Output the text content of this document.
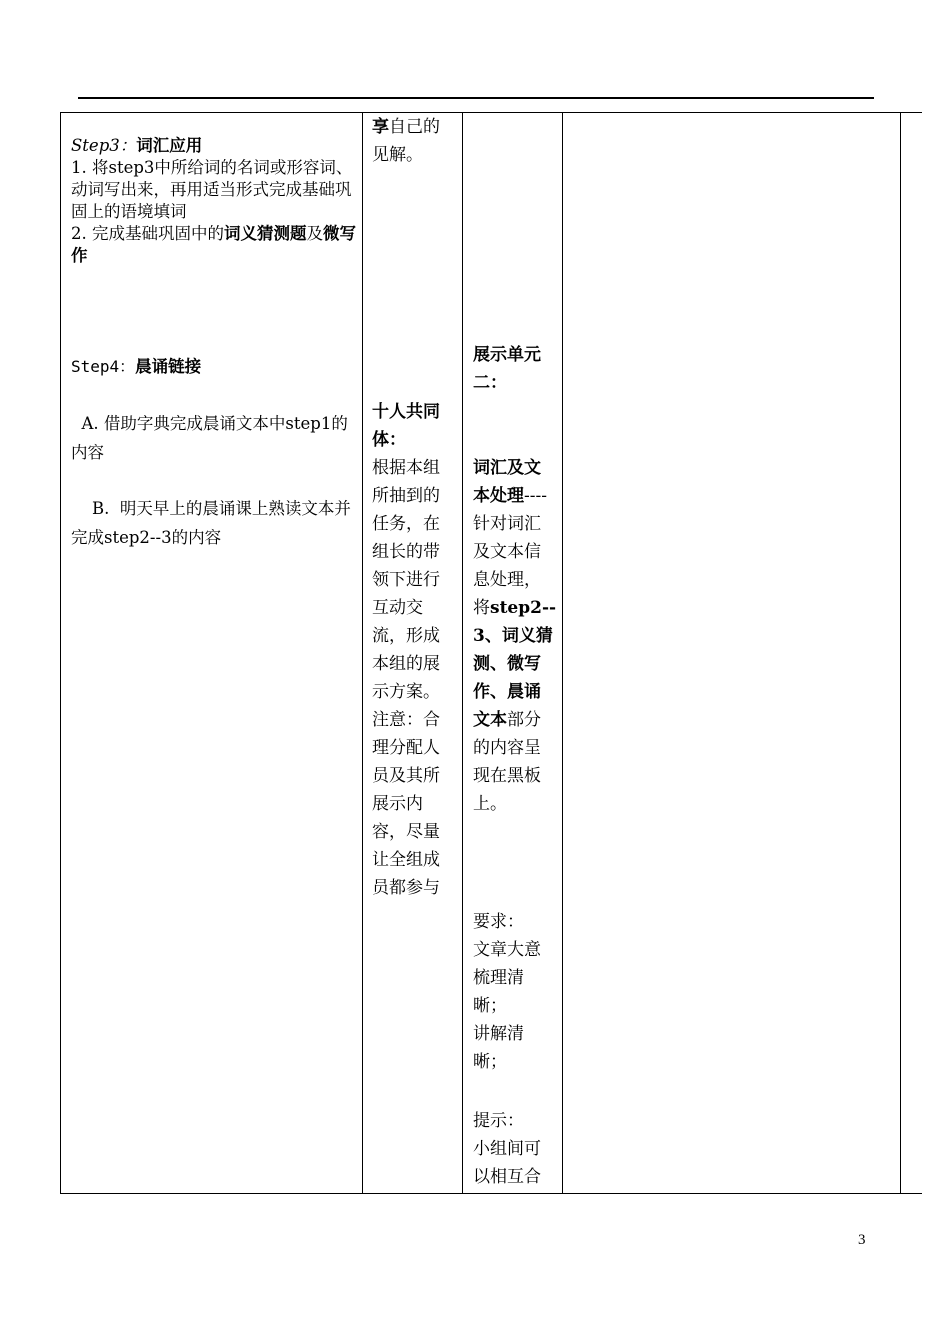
Step3：词汇应用
1. 将step3中所给词的名词或形容词、动词写出来，再用适当形式完成基础巩固上的语境填词
2. 完成基础巩固中的词义猜测题及微写作
Step4：晨诵链接
A. 借助字典完成晨诵文本中step1的内容
B.  明天早上的晨诵课上熟读文本并完成step2--3的内容
享自己的见解。
十人共同体：
根据本组所抽到的任务，在组长的带领下进行互动交流，形成本组的展示方案。注意：合理分配人员及其所展示内容，尽量让全组成员都参与
展示单元二：
词汇及文本处理----针对词汇及文本信息处理，将step2--3、词义猜测、微写作、晨诵文本部分的内容呈现在黑板上。
要求：
文章大意梳理清晰；
讲解清晰；
提示：
小组间可以相互合
3
